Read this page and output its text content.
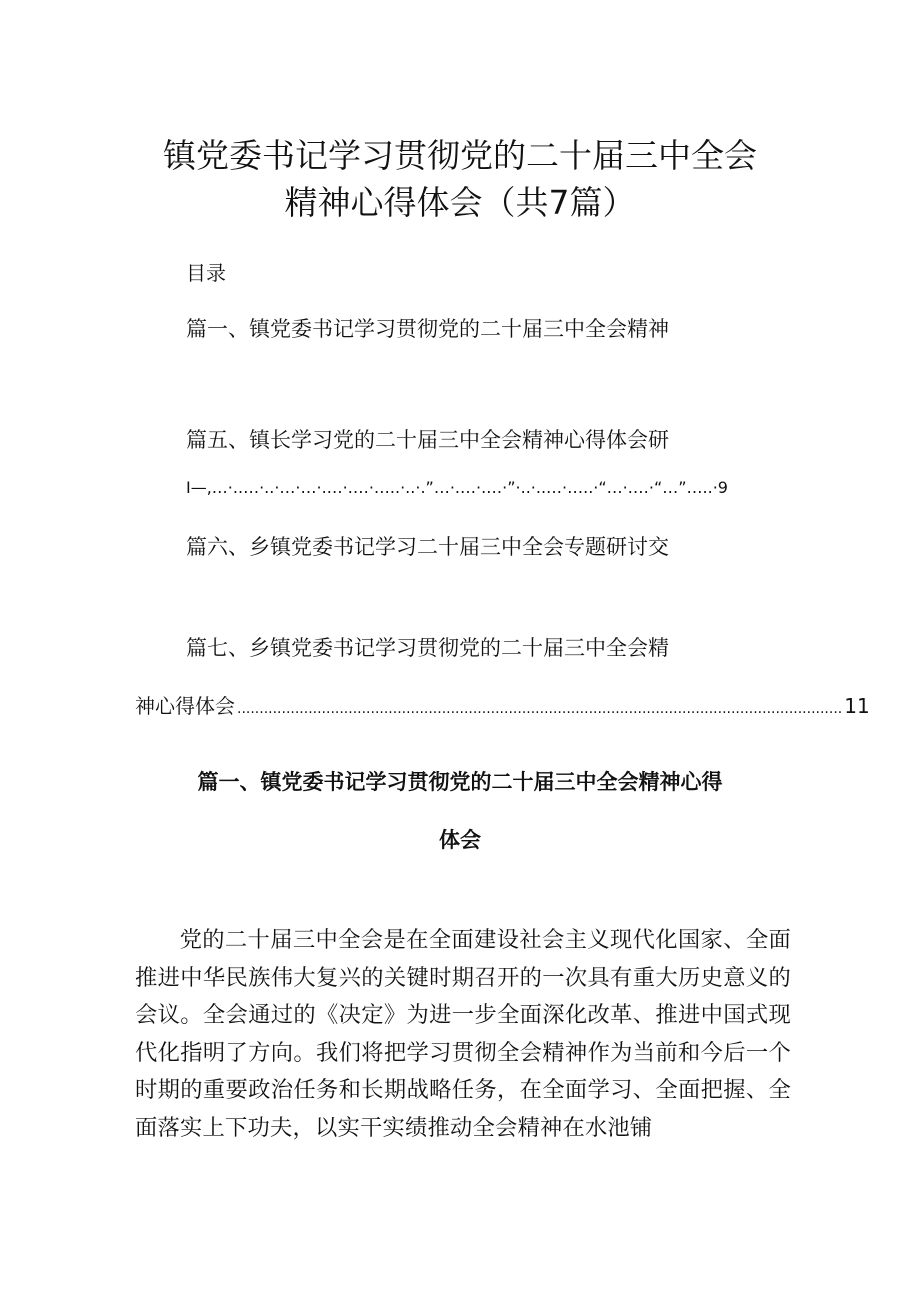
镇党委书记学习贯彻党的二十届三中全会
精神心得体会（共7篇）
目录
篇一、镇党委书记学习贯彻党的二十届三中全会精神
篇五、镇长学习党的二十届三中全会精神心得体会研
I—,…·..…·..·…·…·.…·.…·…..·..·.”…·.…·.…·”·..·..…·…..·“…·.…·“…”…..·9
篇六、乡镇党委书记学习二十届三中全会专题研讨交
篇七、乡镇党委书记学习贯彻党的二十届三中全会精
神心得体会 ........................................................................................................................................ 11
篇一、镇党委书记学习贯彻党的二十届三中全会精神心得
体会

党的二十届三中全会是在全面建设社会主义现代化国家、全面推进中华民族伟大复兴的关键时期召开的一次具有重大历史意义的会议。全会通过的《决定》为进一步全面深化改革、推进中国式现代化指明了方向。我们将把学习贯彻全会精神作为当前和今后一个时期的重要政治任务和长期战略任务，在全面学习、全面把握、全面落实上下功夫，以实干实绩推动全会精神在水池铺
